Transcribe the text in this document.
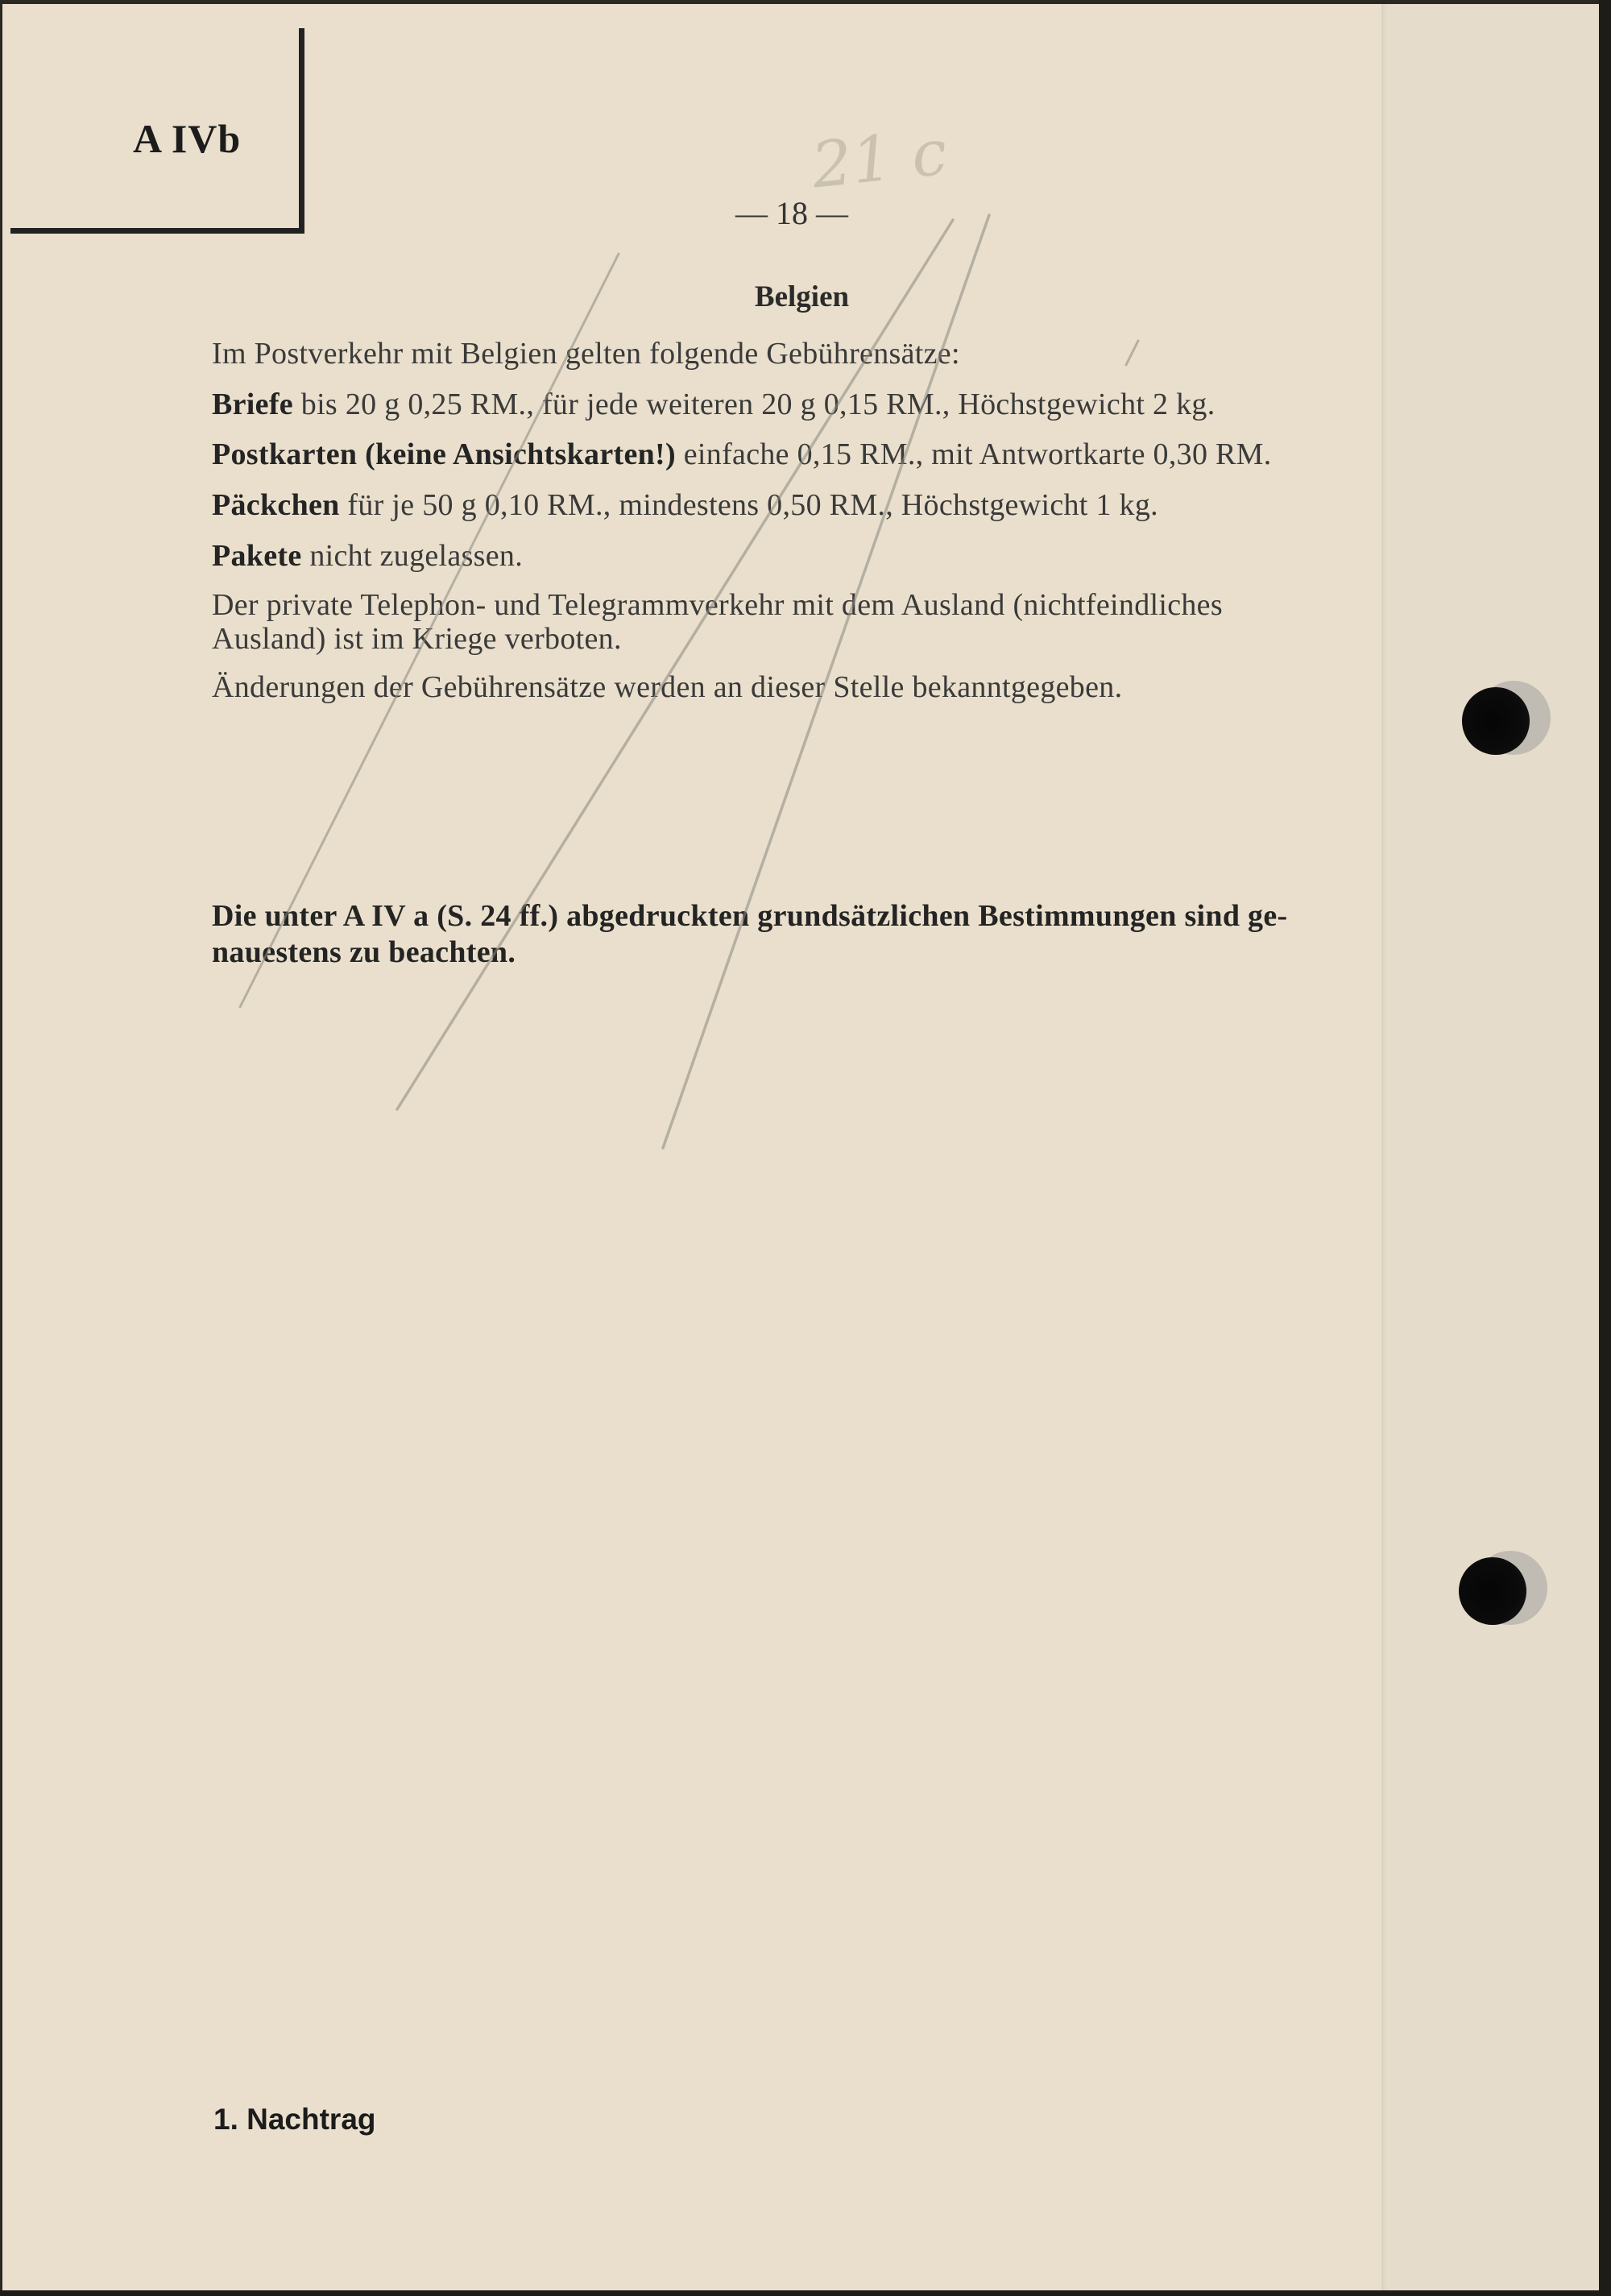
A IVb	21 c
— 18 —
Belgien
Im Postverkehr mit Belgien gelten folgende Gebührensätze:
Briefe bis 20 g 0,25 RM., für jede weiteren 20 g 0,15 RM., Höchstgewicht 2 kg.
Postkarten (keine Ansichtskarten!) einfache 0,15 RM., mit Antwortkarte 0,30 RM.
Päckchen für je 50 g 0,10 RM., mindestens 0,50 RM., Höchstgewicht 1 kg.
Pakete nicht zugelassen.
Der private Telephon- und Telegrammverkehr mit dem Ausland (nichtfeindliches
Ausland) ist im Kriege verboten.
Änderungen der Gebührensätze werden an dieser Stelle bekanntgegeben.
Die unter A IV a (S. 24 ff.) abgedruckten grundsätzlichen Bestimmungen sind ge-
nauestens zu beachten.
1. Nachtrag
